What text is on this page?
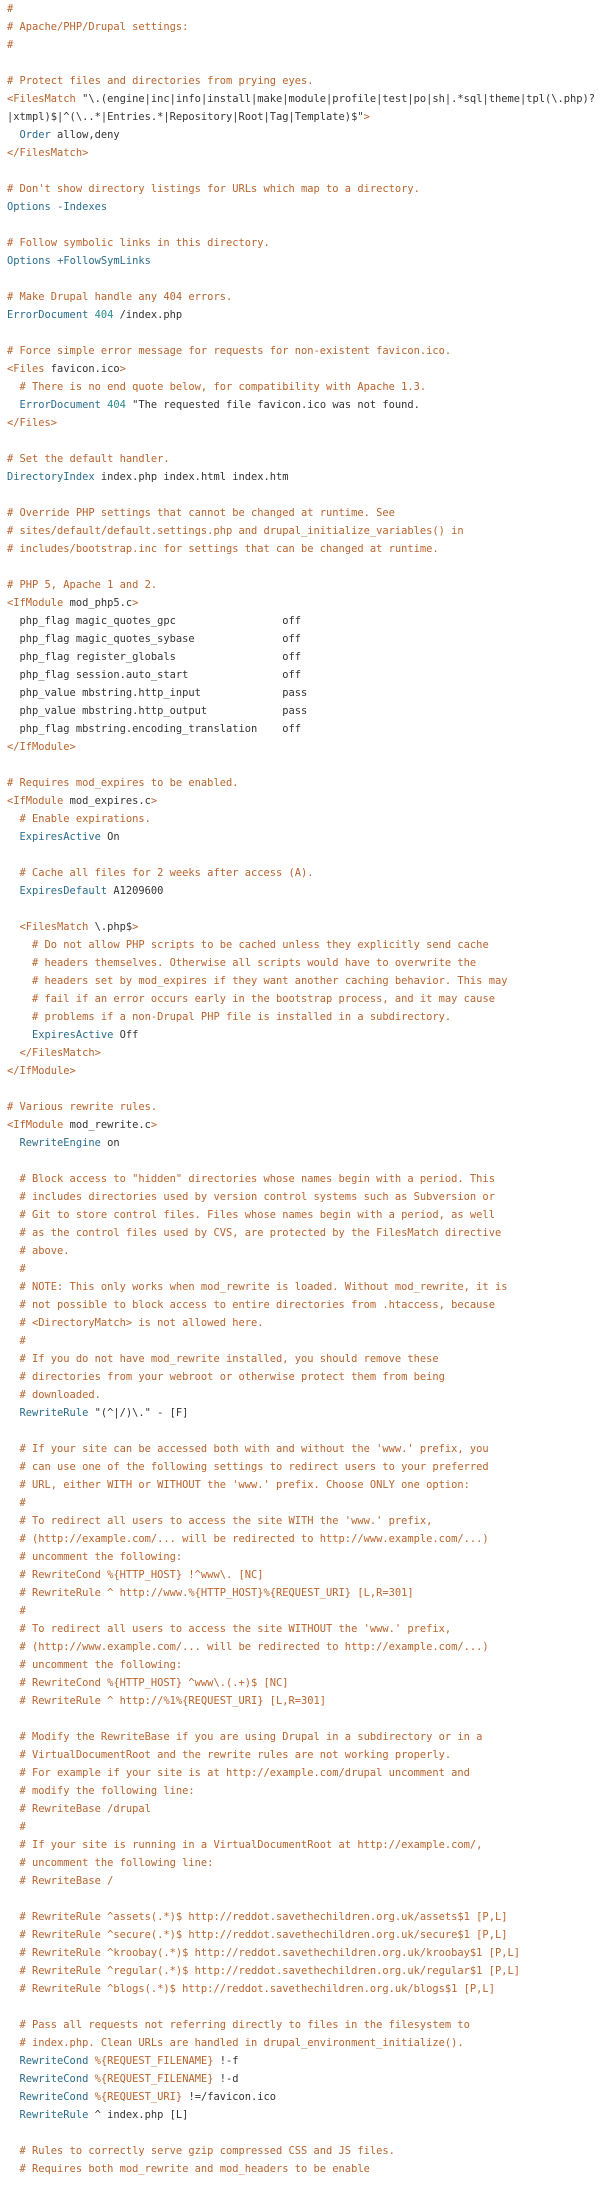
#
# Apache/PHP/Drupal settings:
#

# Protect files and directories from prying eyes.
<FilesMatch "\.(engine|inc|info|install|make|module|profile|test|po|sh|.*sql|theme|tpl(\.php)?
|xtmpl)$|^(\..*|Entries.*|Repository|Root|Tag|Template)$">
Order allow,deny
</FilesMatch>

# Don't show directory listings for URLs which map to a directory.
Options -Indexes

# Follow symbolic links in this directory.
Options +FollowSymLinks

# Make Drupal handle any 404 errors.
ErrorDocument 404 /index.php

# Force simple error message for requests for non-existent favicon.ico.
<Files favicon.ico>
# There is no end quote below, for compatibility with Apache 1.3.
ErrorDocument 404 "The requested file favicon.ico was not found.
</Files>

# Set the default handler.
DirectoryIndex index.php index.html index.htm

# Override PHP settings that cannot be changed at runtime. See
# sites/default/default.settings.php and drupal_initialize_variables() in
# includes/bootstrap.inc for settings that can be changed at runtime.

# PHP 5, Apache 1 and 2.
<IfModule mod_php5.c>
php_flag magic_quotes_gpc                 off
php_flag magic_quotes_sybase              off
php_flag register_globals                 off
php_flag session.auto_start               off
php_value mbstring.http_input             pass
php_value mbstring.http_output            pass
php_flag mbstring.encoding_translation    off
</IfModule>

# Requires mod_expires to be enabled.
<IfModule mod_expires.c>
# Enable expirations.
ExpiresActive On

# Cache all files for 2 weeks after access (A).
ExpiresDefault A1209600

<FilesMatch \.php$>
# Do not allow PHP scripts to be cached unless they explicitly send cache
# headers themselves. Otherwise all scripts would have to overwrite the
# headers set by mod_expires if they want another caching behavior. This may
# fail if an error occurs early in the bootstrap process, and it may cause
# problems if a non-Drupal PHP file is installed in a subdirectory.
ExpiresActive Off
</FilesMatch>
</IfModule>

# Various rewrite rules.
<IfModule mod_rewrite.c>
RewriteEngine on

# Block access to "hidden" directories whose names begin with a period. This
# includes directories used by version control systems such as Subversion or
# Git to store control files. Files whose names begin with a period, as well
# as the control files used by CVS, are protected by the FilesMatch directive
# above.
#
# NOTE: This only works when mod_rewrite is loaded. Without mod_rewrite, it is
# not possible to block access to entire directories from .htaccess, because
# <DirectoryMatch> is not allowed here.
#
# If you do not have mod_rewrite installed, you should remove these
# directories from your webroot or otherwise protect them from being
# downloaded.
RewriteRule "(^|/)\." - [F]

# If your site can be accessed both with and without the 'www.' prefix, you
# can use one of the following settings to redirect users to your preferred
# URL, either WITH or WITHOUT the 'www.' prefix. Choose ONLY one option:
#
# To redirect all users to access the site WITH the 'www.' prefix,
# (http://example.com/... will be redirected to http://www.example.com/...)
# uncomment the following:
# RewriteCond %{HTTP_HOST} !^www\. [NC]
# RewriteRule ^ http://www.%{HTTP_HOST}%{REQUEST_URI} [L,R=301]
#
# To redirect all users to access the site WITHOUT the 'www.' prefix,
# (http://www.example.com/... will be redirected to http://example.com/...)
# uncomment the following:
# RewriteCond %{HTTP_HOST} ^www\.(.+)$ [NC]
# RewriteRule ^ http://%1%{REQUEST_URI} [L,R=301]

# Modify the RewriteBase if you are using Drupal in a subdirectory or in a
# VirtualDocumentRoot and the rewrite rules are not working properly.
# For example if your site is at http://example.com/drupal uncomment and
# modify the following line:
# RewriteBase /drupal
#
# If your site is running in a VirtualDocumentRoot at http://example.com/,
# uncomment the following line:
# RewriteBase /

# RewriteRule ^assets(.*)$ http://reddot.savethechildren.org.uk/assets$1 [P,L]
# RewriteRule ^secure(.*)$ http://reddot.savethechildren.org.uk/secure$1 [P,L]
# RewriteRule ^kroobay(.*)$ http://reddot.savethechildren.org.uk/kroobay$1 [P,L]
# RewriteRule ^regular(.*)$ http://reddot.savethechildren.org.uk/regular$1 [P,L]
# RewriteRule ^blogs(.*)$ http://reddot.savethechildren.org.uk/blogs$1 [P,L]

# Pass all requests not referring directly to files in the filesystem to
# index.php. Clean URLs are handled in drupal_environment_initialize().
RewriteCond %{REQUEST_FILENAME} !-f
RewriteCond %{REQUEST_FILENAME} !-d
RewriteCond %{REQUEST_URI} !=/favicon.ico
RewriteRule ^ index.php [L]

# Rules to correctly serve gzip compressed CSS and JS files.
# Requires both mod_rewrite and mod_headers to be enable
